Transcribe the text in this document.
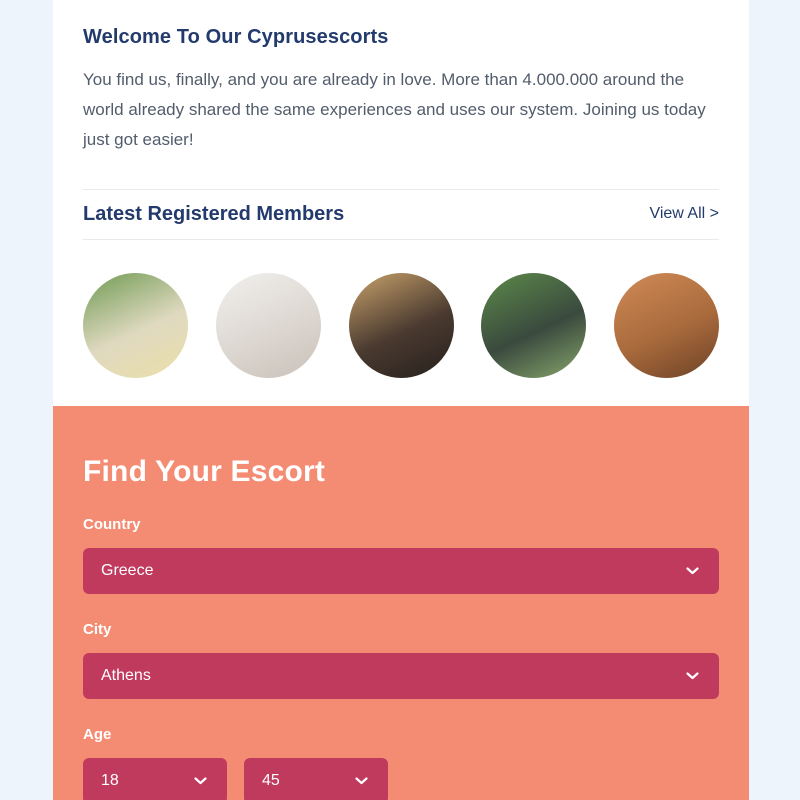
Welcome To Our Cyprusescorts

You find us, finally, and you are already in love. More than 4.000.000 around the world already shared the same experiences and uses our system. Joining us today just got easier!

Latest Registered Members	View All >
Find Your Escort
Country
Greece
City
Athens
Age
18	45
